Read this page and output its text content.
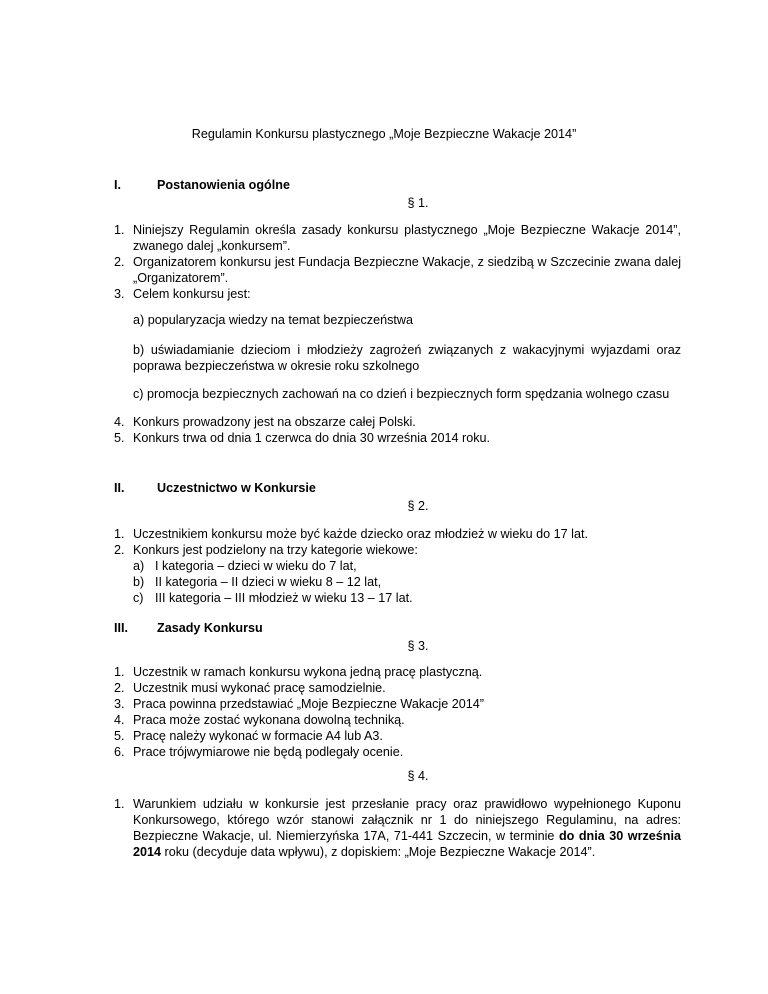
Regulamin Konkursu plastycznego „Moje Bezpieczne Wakacje 2014”
I.	Postanowienia ogólne
§ 1.
1. Niniejszy Regulamin określa zasady konkursu plastycznego „Moje Bezpieczne Wakacje 2014”, zwanego dalej „konkursem”.
2. Organizatorem konkursu jest Fundacja Bezpieczne Wakacje, z siedzibą w Szczecinie zwana dalej „Organizatorem”.
3. Celem konkursu jest:
a) popularyzacja wiedzy na temat bezpieczeństwa
b) uświadamianie dzieciom i młodzieży zagrożeń związanych z wakacyjnymi wyjazdami oraz poprawa bezpieczeństwa w okresie roku szkolnego
c) promocja bezpiecznych zachowań na co dzień i bezpiecznych form spędzania wolnego czasu
4. Konkurs prowadzony jest na obszarze całej Polski.
5. Konkurs trwa od dnia 1 czerwca do dnia 30 września 2014 roku.
II.	Uczestnictwo w Konkursie
§ 2.
1. Uczestnikiem konkursu może być każde dziecko oraz młodzież w wieku do 17 lat.
2. Konkurs jest podzielony na trzy kategorie wiekowe:
a) I kategoria – dzieci w wieku do 7 lat,
b) II kategoria – II dzieci w wieku 8 – 12 lat,
c) III kategoria – III młodzież w wieku 13 – 17 lat.
III. Zasady Konkursu
§ 3.
1. Uczestnik w ramach konkursu wykona jedną pracę plastyczną.
2. Uczestnik musi wykonać pracę samodzielnie.
3. Praca powinna przedstawiać „Moje Bezpieczne Wakacje 2014”
4. Praca może zostać wykonana dowolną techniką.
5. Pracę należy wykonać w formacie A4 lub A3.
6. Prace trójwymiarowe nie będą podlegały ocenie.
§ 4.
1. Warunkiem udziału w konkursie jest przesłanie pracy oraz prawidłowo wypełnionego Kuponu Konkursowego, którego wzór stanowi załącznik nr 1 do niniejszego Regulaminu, na adres: Bezpieczne Wakacje, ul. Niemierzyńska 17A, 71-441 Szczecin, w terminie do dnia 30 września 2014 roku (decyduje data wpływu), z dopiskiem: „Moje Bezpieczne Wakacje 2014”.
